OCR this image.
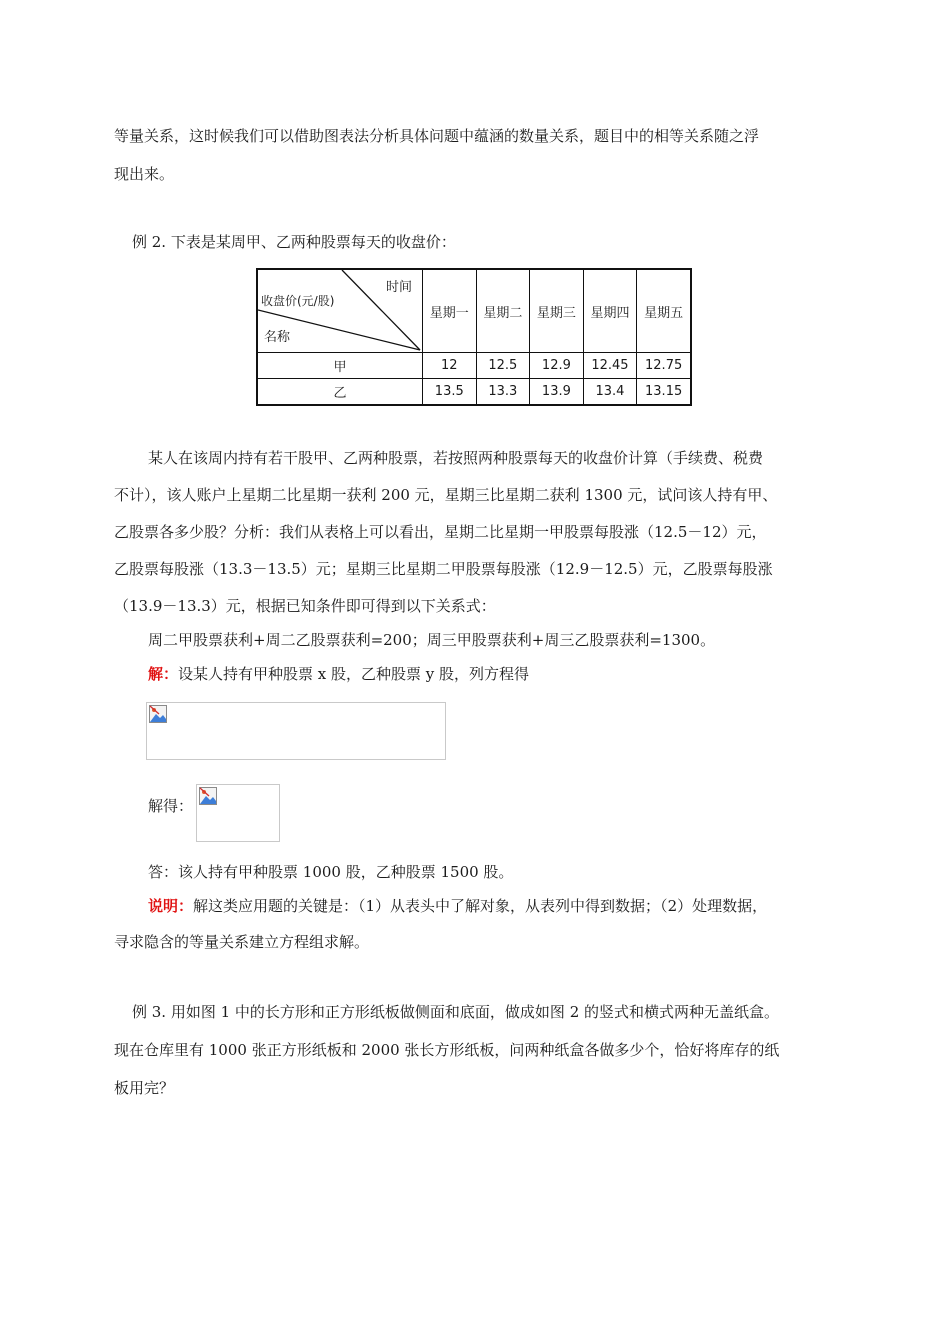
等量关系，这时候我们可以借助图表法分析具体问题中蕴涵的数量关系，题目中的相等关系随之浮
现出来。
例 2. 下表是某周甲、乙两种股票每天的收盘价：
时间
收盘价(元/股)
名称	星期一	星期二	星期三	星期四	星期五
甲	12	12.5	12.9	12.45	12.75
乙	13.5	13.3	13.9	13.4	13.15
某人在该周内持有若干股甲、乙两种股票，若按照两种股票每天的收盘价计算（手续费、税费
不计），该人账户上星期二比星期一获利 200 元，星期三比星期二获利 1300 元，试问该人持有甲、
乙股票各多少股？分析：我们从表格上可以看出，星期二比星期一甲股票每股涨（12.5－12）元，
乙股票每股涨（13.3－13.5）元；星期三比星期二甲股票每股涨（12.9－12.5）元，乙股票每股涨
（13.9－13.3）元，根据已知条件即可得到以下关系式：
周二甲股票获利+周二乙股票获利=200；周三甲股票获利+周三乙股票获利=1300。
解：设某人持有甲种股票 x 股，乙种股票 y 股，列方程得
解得：
答：该人持有甲种股票 1000 股，乙种股票 1500 股。
说明：解这类应用题的关键是：（1）从表头中了解对象，从表列中得到数据；（2）处理数据，
寻求隐含的等量关系建立方程组求解。
例 3. 用如图 1 中的长方形和正方形纸板做侧面和底面，做成如图 2 的竖式和横式两种无盖纸盒。
现在仓库里有 1000 张正方形纸板和 2000 张长方形纸板，问两种纸盒各做多少个，恰好将库存的纸
板用完？
